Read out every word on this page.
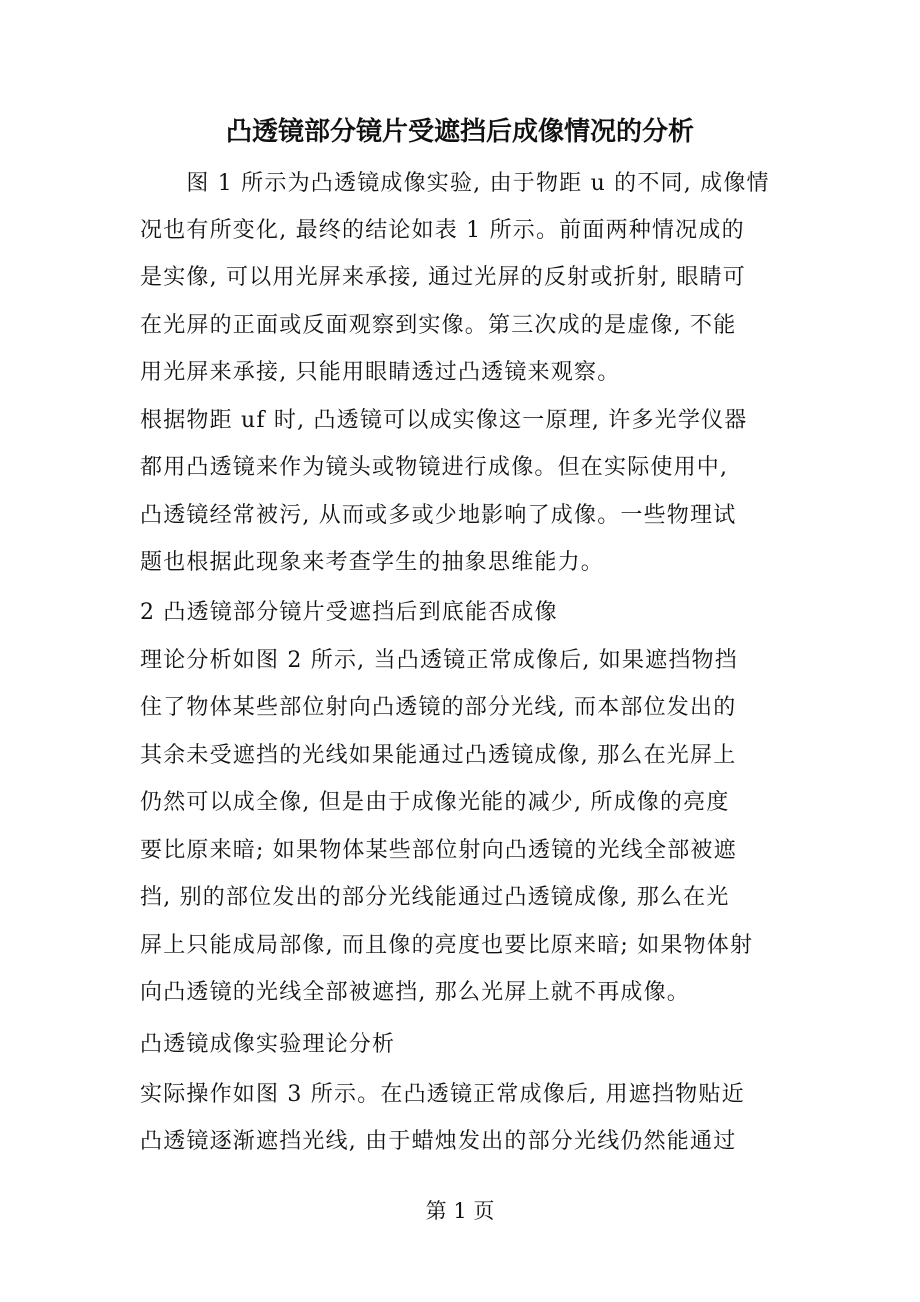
凸透镜部分镜片受遮挡后成像情况的分析
　　图 1 所示为凸透镜成像实验, 由于物距 u 的不同, 成像情
况也有所变化, 最终的结论如表 1 所示。前面两种情况成的
是实像, 可以用光屏来承接, 通过光屏的反射或折射, 眼睛可
在光屏的正面或反面观察到实像。第三次成的是虚像, 不能
用光屏来承接, 只能用眼睛透过凸透镜来观察。
根据物距 uf 时, 凸透镜可以成实像这一原理, 许多光学仪器
都用凸透镜来作为镜头或物镜进行成像。但在实际使用中,
凸透镜经常被污, 从而或多或少地影响了成像。一些物理试
题也根据此现象来考查学生的抽象思维能力。
2 凸透镜部分镜片受遮挡后到底能否成像
理论分析如图 2 所示, 当凸透镜正常成像后, 如果遮挡物挡
住了物体某些部位射向凸透镜的部分光线, 而本部位发出的
其余未受遮挡的光线如果能通过凸透镜成像, 那么在光屏上
仍然可以成全像, 但是由于成像光能的减少, 所成像的亮度
要比原来暗; 如果物体某些部位射向凸透镜的光线全部被遮
挡, 别的部位发出的部分光线能通过凸透镜成像, 那么在光
屏上只能成局部像, 而且像的亮度也要比原来暗; 如果物体射
向凸透镜的光线全部被遮挡, 那么光屏上就不再成像。
凸透镜成像实验理论分析
实际操作如图 3 所示。在凸透镜正常成像后, 用遮挡物贴近
凸透镜逐渐遮挡光线, 由于蜡烛发出的部分光线仍然能通过
第 1 页
